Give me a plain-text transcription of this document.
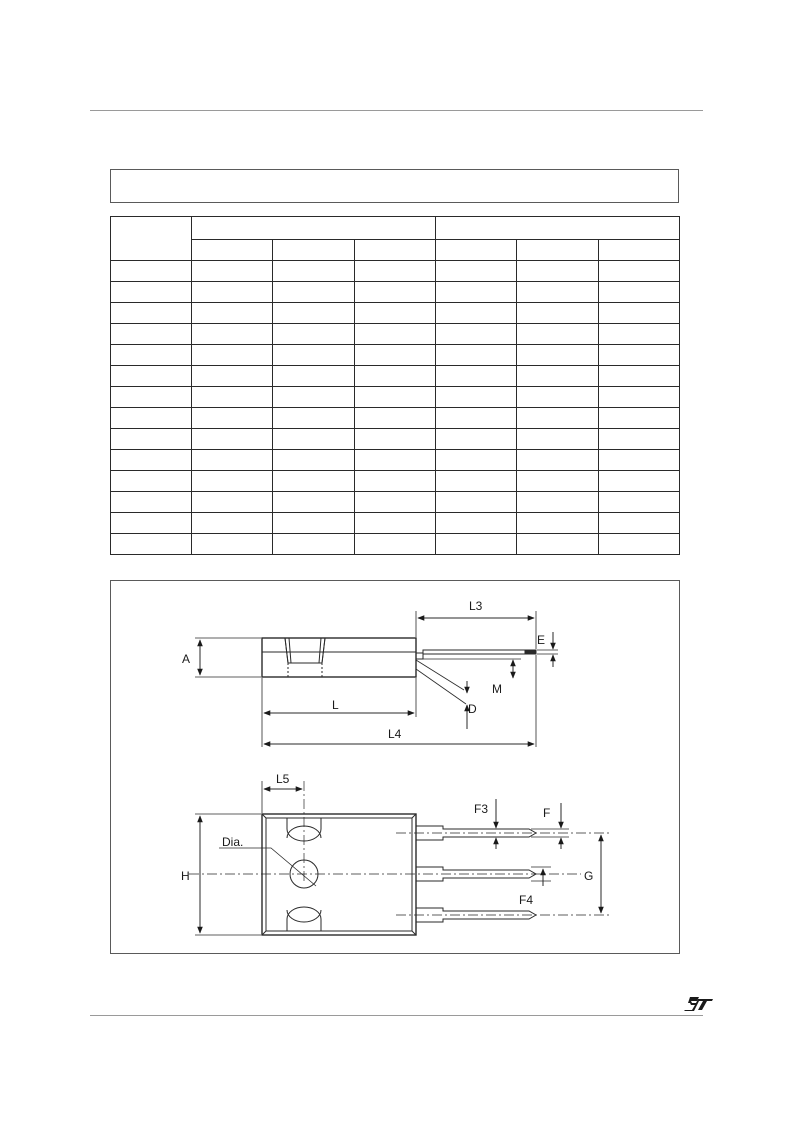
A
L3
E
M
D
L
L4
L5
Dia.
H
F3	F
F4
G
